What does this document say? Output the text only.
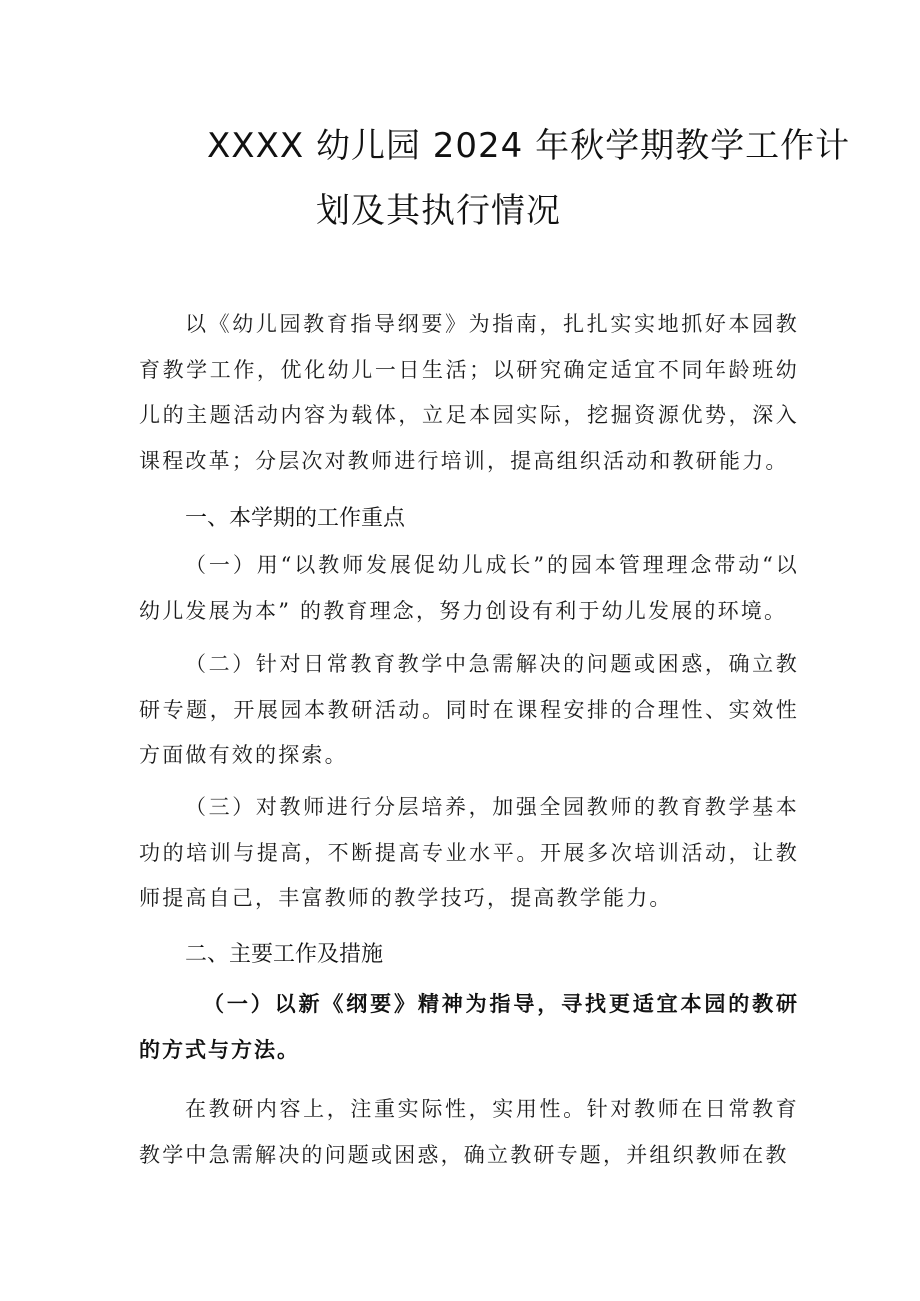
XXXX 幼儿园 2024 年秋学期教学工作计
划及其执行情况

以《幼儿园教育指导纲要》为指南，扎扎实实地抓好本园教育教学工作，优化幼儿一日生活；以研究确定适宜不同年龄班幼儿的主题活动内容为载体，立足本园实际，挖掘资源优势，深入课程改革；分层次对教师进行培训，提高组织活动和教研能力。

一、本学期的工作重点

（一）用“以教师发展促幼儿成长”的园本管理理念带动“以幼儿发展为本” 的教育理念，努力创设有利于幼儿发展的环境。

（二）针对日常教育教学中急需解决的问题或困惑，确立教研专题，开展园本教研活动。同时在课程安排的合理性、实效性方面做有效的探索。

（三）对教师进行分层培养，加强全园教师的教育教学基本功的培训与提高，不断提高专业水平。开展多次培训活动，让教师提高自己，丰富教师的教学技巧，提高教学能力。

二、主要工作及措施

（一）以新《纲要》精神为指导，寻找更适宜本园的教研的方式与方法。

在教研内容上，注重实际性，实用性。针对教师在日常教育教学中急需解决的问题或困惑，确立教研专题，并组织教师在教
